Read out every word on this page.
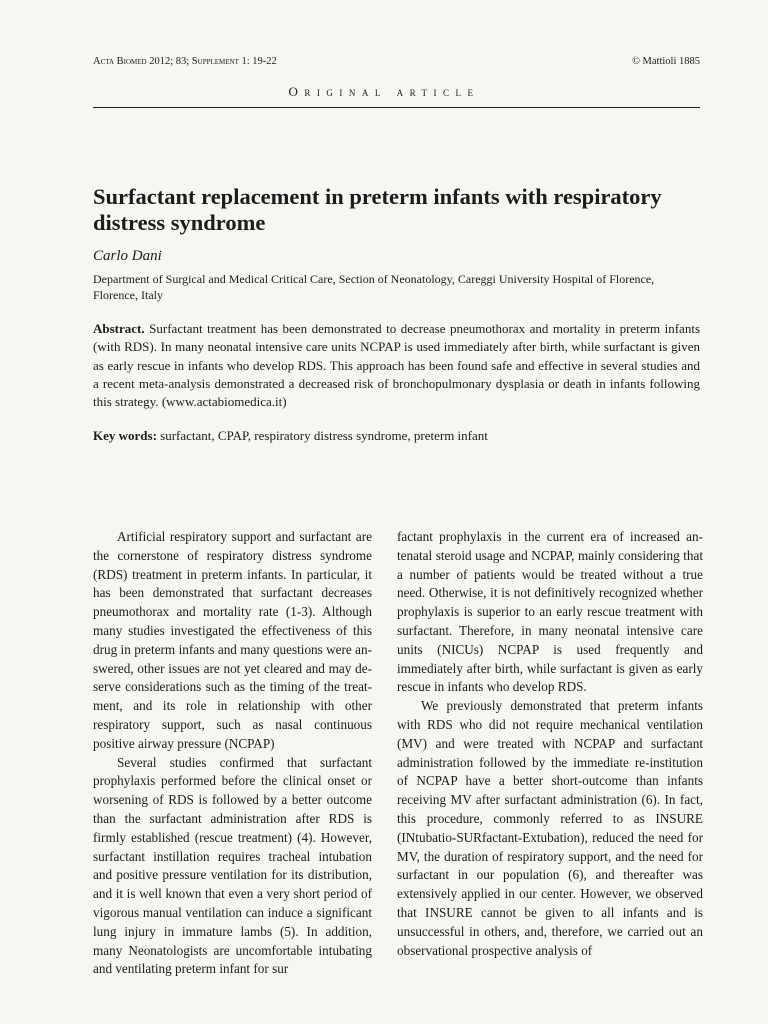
Acta Biomed 2012; 83; Supplement 1: 19-22	© Mattioli 1885
Original article
Surfactant replacement in preterm infants with respiratory distress syndrome
Carlo Dani
Department of Surgical and Medical Critical Care, Section of Neonatology, Careggi University Hospital of Florence, Florence, Italy
Abstract. Surfactant treatment has been demonstrated to decrease pneumothorax and mortality in preterm infants (with RDS). In many neonatal intensive care units NCPAP is used immediately after birth, while surfactant is given as early rescue in infants who develop RDS. This approach has been found safe and effective in several studies and a recent meta-analysis demonstrated a decreased risk of bronchopulmonary dysplasia or death in infants following this strategy. (www.actabiomedica.it)
Key words: surfactant, CPAP, respiratory distress syndrome, preterm infant

Artificial respiratory support and surfactant are the cornerstone of respiratory distress syndrome (RDS) treatment in preterm infants. In particular, it has been demonstrated that surfactant decreases pneumothorax and mortality rate (1-3). Although many studies investigated the effectiveness of this drug in preterm infants and many questions were answered, other issues are not yet cleared and may deserve considerations such as the timing of the treatment, and its role in relationship with other respiratory support, such as nasal continuous positive airway pressure (NCPAP)

Several studies confirmed that surfactant prophylaxis performed before the clinical onset or worsening of RDS is followed by a better outcome than the surfactant administration after RDS is firmly established (rescue treatment) (4). However, surfactant instillation requires tracheal intubation and positive pressure ventilation for its distribution, and it is well known that even a very short period of vigorous manual ventilation can induce a significant lung injury in immature lambs (5). In addition, many Neonatologists are uncomfortable intubating and ventilating preterm infant for sur

factant prophylaxis in the current era of increased antenatal steroid usage and NCPAP, mainly considering that a number of patients would be treated without a true need. Otherwise, it is not definitively recognized whether prophylaxis is superior to an early rescue treatment with surfactant. Therefore, in many neonatal intensive care units (NICUs) NCPAP is used frequently and immediately after birth, while surfactant is given as early rescue in infants who develop RDS.

We previously demonstrated that preterm infants with RDS who did not require mechanical ventilation (MV) and were treated with NCPAP and surfactant administration followed by the immediate re-institution of NCPAP have a better short-outcome than infants receiving MV after surfactant administration (6). In fact, this procedure, commonly referred to as INSURE (INtubatio-SURfactant-Extubation), reduced the need for MV, the duration of respiratory support, and the need for surfactant in our population (6), and thereafter was extensively applied in our center. However, we observed that INSURE cannot be given to all infants and is unsuccessful in others, and, therefore, we carried out an observational prospective analysis of
